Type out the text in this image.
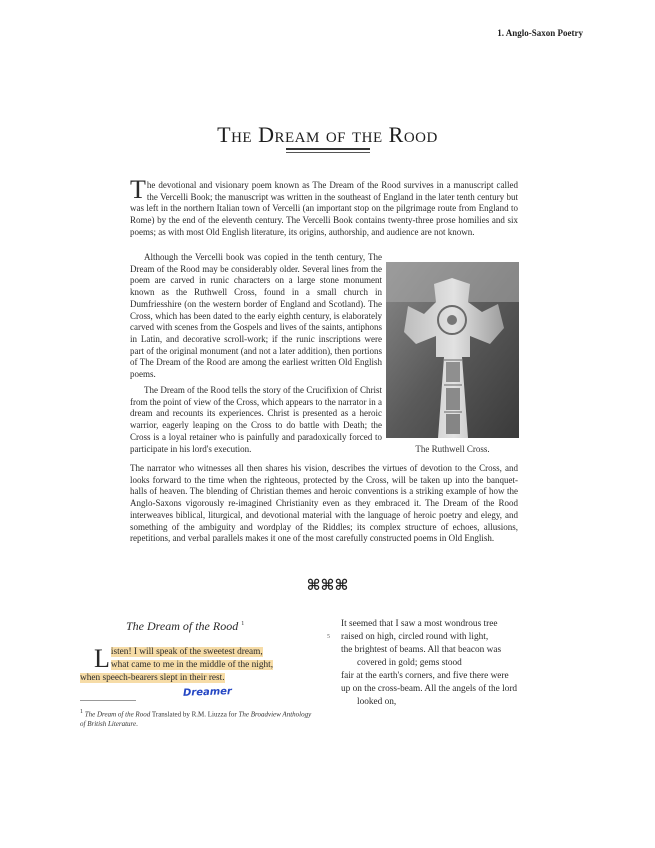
1. Anglo-Saxon Poetry
The Dream of the Rood
The devotional and visionary poem known as The Dream of the Rood survives in a manuscript called the Vercelli Book; the manuscript was written in the southeast of England in the later tenth century but was left in the northern Italian town of Vercelli (an important stop on the pilgrimage route from England to Rome) by the end of the eleventh century. The Vercelli Book contains twenty-three prose homilies and six poems; as with most Old English literature, its origins, authorship, and audience are not known.
Although the Vercelli book was copied in the tenth century, The Dream of the Rood may be considerably older. Several lines from the poem are carved in runic characters on a large stone monument known as the Ruthwell Cross, found in a small church in Dumfriesshire (on the western border of England and Scotland). The Cross, which has been dated to the early eighth century, is elaborately carved with scenes from the Gospels and lives of the saints, antiphons in Latin, and decorative scroll-work; if the runic inscriptions were part of the original monument (and not a later addition), then portions of The Dream of the Rood are among the earliest written Old English poems.
The Ruthwell Cross.
The Dream of the Rood tells the story of the Crucifixion of Christ from the point of view of the Cross, which appears to the narrator in a dream and recounts its experiences. Christ is presented as a heroic warrior, eagerly leaping on the Cross to do battle with Death; the Cross is a loyal retainer who is painfully and paradoxically forced to participate in his lord's execution.
The narrator who witnesses all then shares his vision, describes the virtues of devotion to the Cross, and looks forward to the time when the righteous, protected by the Cross, will be taken up into the banquet-halls of heaven. The blending of Christian themes and heroic conventions is a striking example of how the Anglo-Saxons vigorously re-imagined Christianity even as they embraced it. The Dream of the Rood interweaves biblical, liturgical, and devotional material with the language of heroic poetry and elegy, and something of the ambiguity and wordplay of the Riddles; its complex structure of echoes, allusions, repetitions, and verbal parallels makes it one of the most carefully constructed poems in Old English.
⌘⌘⌘
The Dream of the Rood $^1$
L isten! I will speak of the sweetest dream,
what came to me in the middle of the night,
when speech-bearers slept in their rest.
Dreamer
1 The Dream of the Rood Translated by R.M. Liuzza for The Broadview Anthology of British Literature.
5
It seemed that I saw a most wondrous tree
raised on high, circled round with light,
the brightest of beams. All that beacon was
covered in gold; gems stood
fair at the earth's corners, and five there were
up on the cross-beam. All the angels of the lord
looked on,
